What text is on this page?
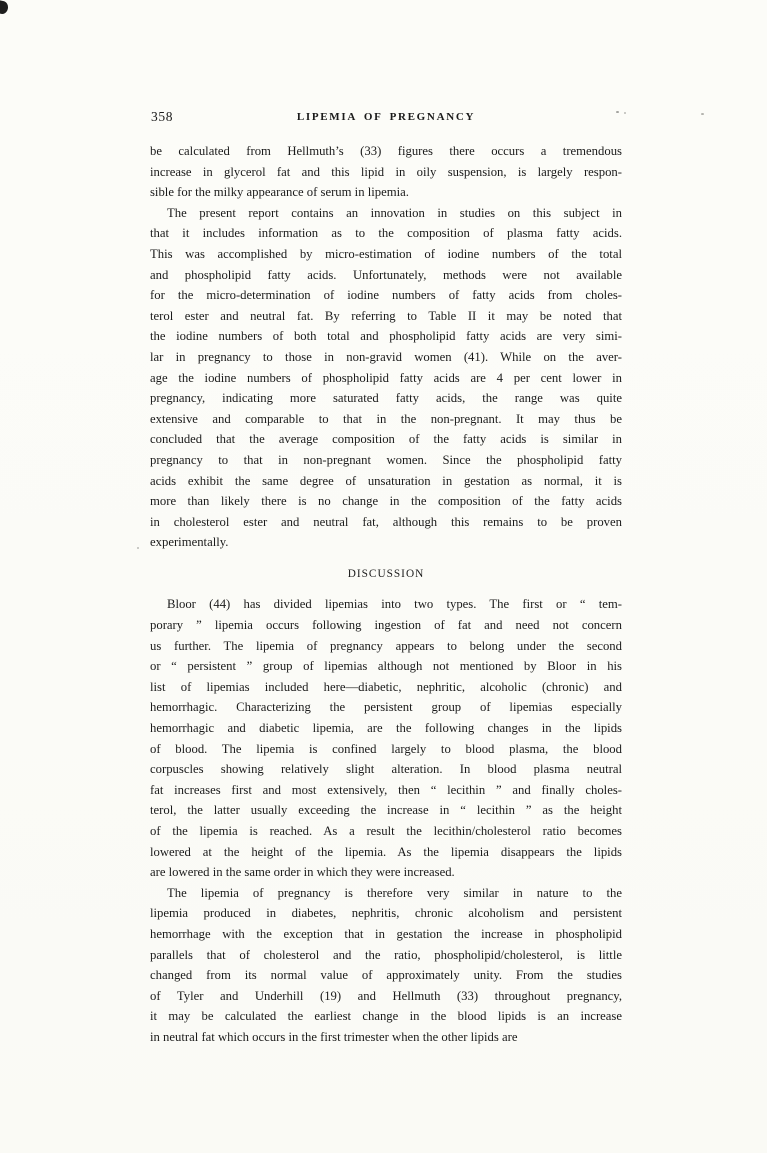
358	LIPEMIA OF PREGNANCY
be calculated from Hellmuth’s (33) figures there occurs a tremendous
increase in glycerol fat and this lipid in oily suspension, is largely respon-
sible for the milky appearance of serum in lipemia.
The present report contains an innovation in studies on this subject in
that it includes information as to the composition of plasma fatty acids.
This was accomplished by micro-estimation of iodine numbers of the total
and phospholipid fatty acids. Unfortunately, methods were not available
for the micro-determination of iodine numbers of fatty acids from choles-
terol ester and neutral fat. By referring to Table II it may be noted that
the iodine numbers of both total and phospholipid fatty acids are very simi-
lar in pregnancy to those in non-gravid women (41). While on the aver-
age the iodine numbers of phospholipid fatty acids are 4 per cent lower in
pregnancy, indicating more saturated fatty acids, the range was quite
extensive and comparable to that in the non-pregnant. It may thus be
concluded that the average composition of the fatty acids is similar in
pregnancy to that in non-pregnant women. Since the phospholipid fatty
acids exhibit the same degree of unsaturation in gestation as normal, it is
more than likely there is no change in the composition of the fatty acids
in cholesterol ester and neutral fat, although this remains to be proven
experimentally.
DISCUSSION
Bloor (44) has divided lipemias into two types. The first or “ tem-
porary ” lipemia occurs following ingestion of fat and need not concern
us further. The lipemia of pregnancy appears to belong under the second
or “ persistent ” group of lipemias although not mentioned by Bloor in his
list of lipemias included here—diabetic, nephritic, alcoholic (chronic) and
hemorrhagic. Characterizing the persistent group of lipemias especially
hemorrhagic and diabetic lipemia, are the following changes in the lipids
of blood. The lipemia is confined largely to blood plasma, the blood
corpuscles showing relatively slight alteration. In blood plasma neutral
fat increases first and most extensively, then “ lecithin ” and finally choles-
terol, the latter usually exceeding the increase in “ lecithin ” as the height
of the lipemia is reached. As a result the lecithin/cholesterol ratio becomes
lowered at the height of the lipemia. As the lipemia disappears the lipids
are lowered in the same order in which they were increased.
The lipemia of pregnancy is therefore very similar in nature to the
lipemia produced in diabetes, nephritis, chronic alcoholism and persistent
hemorrhage with the exception that in gestation the increase in phospholipid
parallels that of cholesterol and the ratio, phospholipid/cholesterol, is little
changed from its normal value of approximately unity. From the studies
of Tyler and Underhill (19) and Hellmuth (33) throughout pregnancy,
it may be calculated the earliest change in the blood lipids is an increase
in neutral fat which occurs in the first trimester when the other lipids are
